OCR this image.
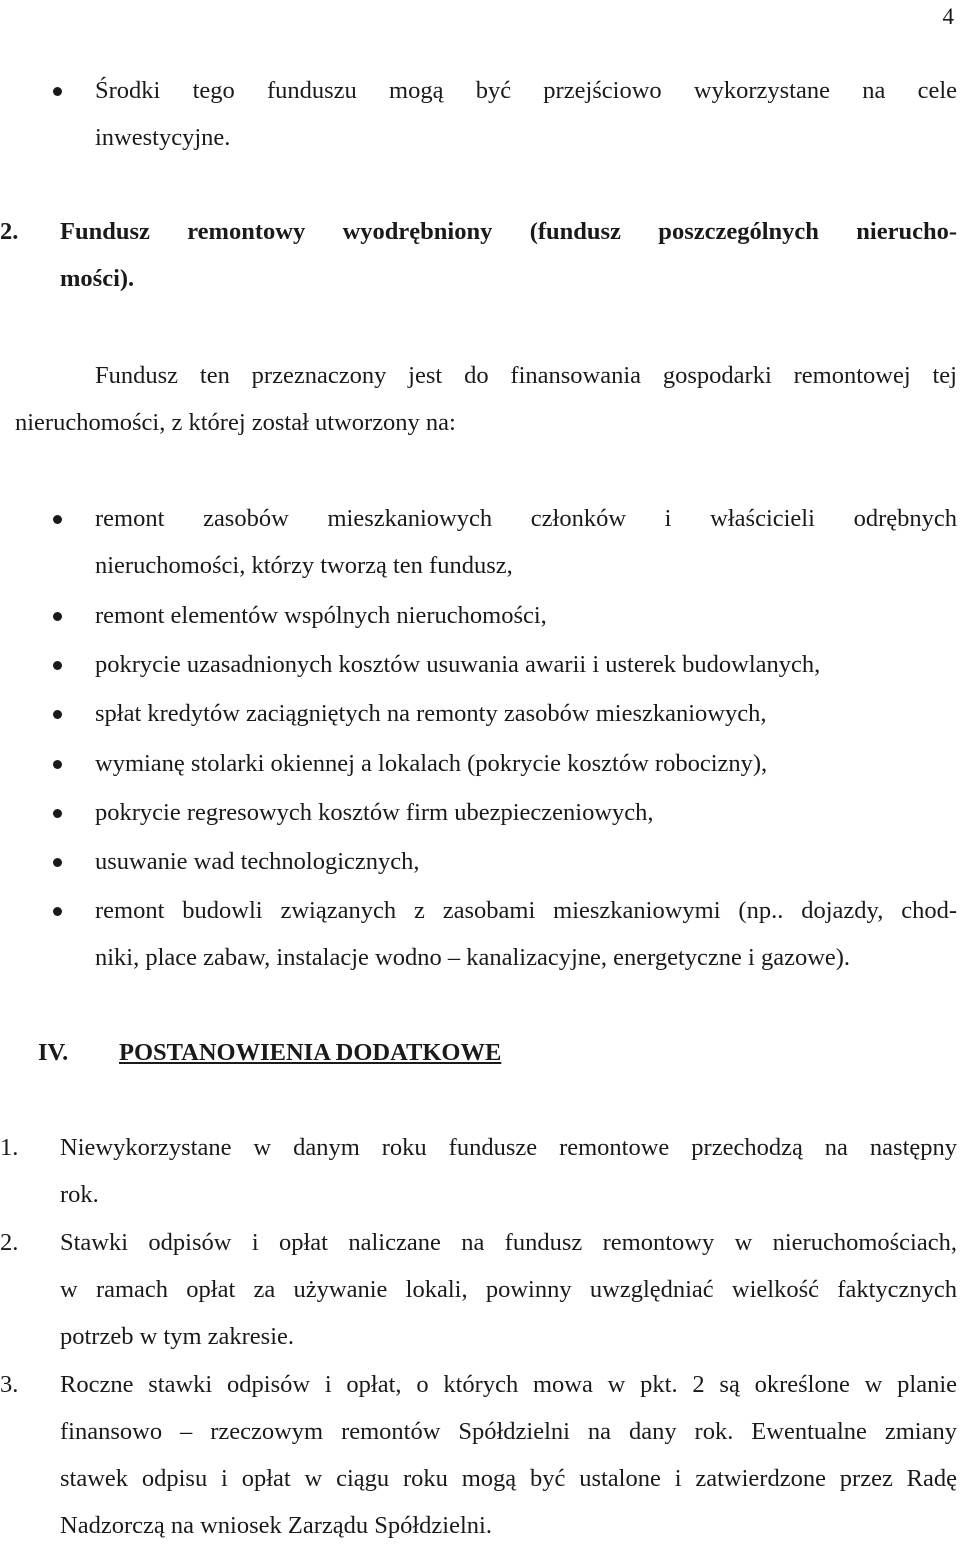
4
Środki tego funduszu mogą być przejściowo wykorzystane na cele
inwestycyjne.
2. Fundusz remontowy wyodrębniony (fundusz poszczególnych nierucho-
mości).
Fundusz ten przeznaczony jest do finansowania gospodarki remontowej tej
nieruchomości, z której został utworzony na:
remont zasobów mieszkaniowych członków i właścicieli odrębnych
nieruchomości, którzy tworzą ten fundusz,
remont elementów wspólnych nieruchomości,
pokrycie uzasadnionych kosztów usuwania awarii i usterek budowlanych,
spłat kredytów zaciągniętych na remonty zasobów mieszkaniowych,
wymianę stolarki okiennej a lokalach (pokrycie kosztów robocizny),
pokrycie regresowych kosztów firm ubezpieczeniowych,
usuwanie wad technologicznych,
remont budowli związanych z zasobami mieszkaniowymi (np.. dojazdy, chod-
niki, place zabaw, instalacje wodno – kanalizacyjne, energetyczne i gazowe).
IV. POSTANOWIENIA DODATKOWE
1. Niewykorzystane w danym roku fundusze remontowe przechodzą na następny
rok.
2. Stawki odpisów i opłat naliczane na fundusz remontowy w nieruchomościach,
w ramach opłat za używanie lokali, powinny uwzględniać wielkość faktycznych
potrzeb w tym zakresie.
3. Roczne stawki odpisów i opłat, o których mowa w pkt. 2 są określone w planie
finansowo – rzeczowym remontów Spółdzielni na dany rok. Ewentualne zmiany
stawek odpisu i opłat w ciągu roku mogą być ustalone i zatwierdzone przez Radę
Nadzorczą na wniosek Zarządu Spółdzielni.
